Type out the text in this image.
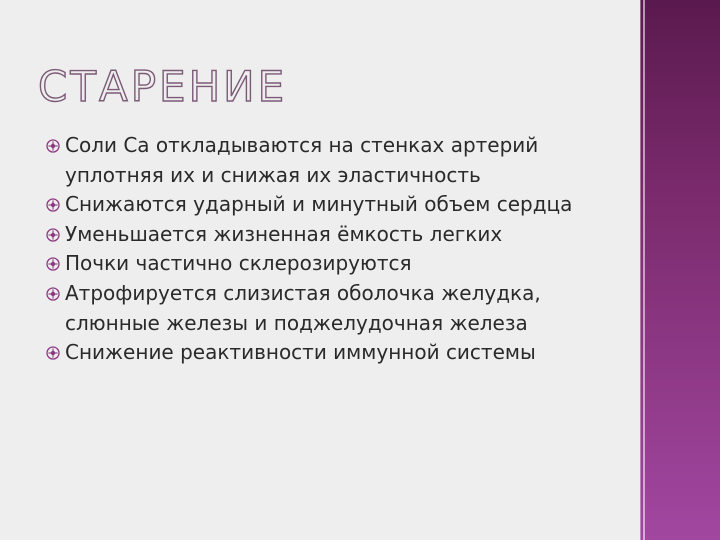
СТАРЕНИЕ
Соли Ca откладываются на стенках артерий уплотняя их и снижая их эластичность
Снижаются ударный и минутный объем сердца
Уменьшается жизненная ёмкость легких
Почки частично склерозируются
Атрофируется слизистая оболочка желудка, слюнные железы и поджелудочная железа
Снижение реактивности иммунной системы
